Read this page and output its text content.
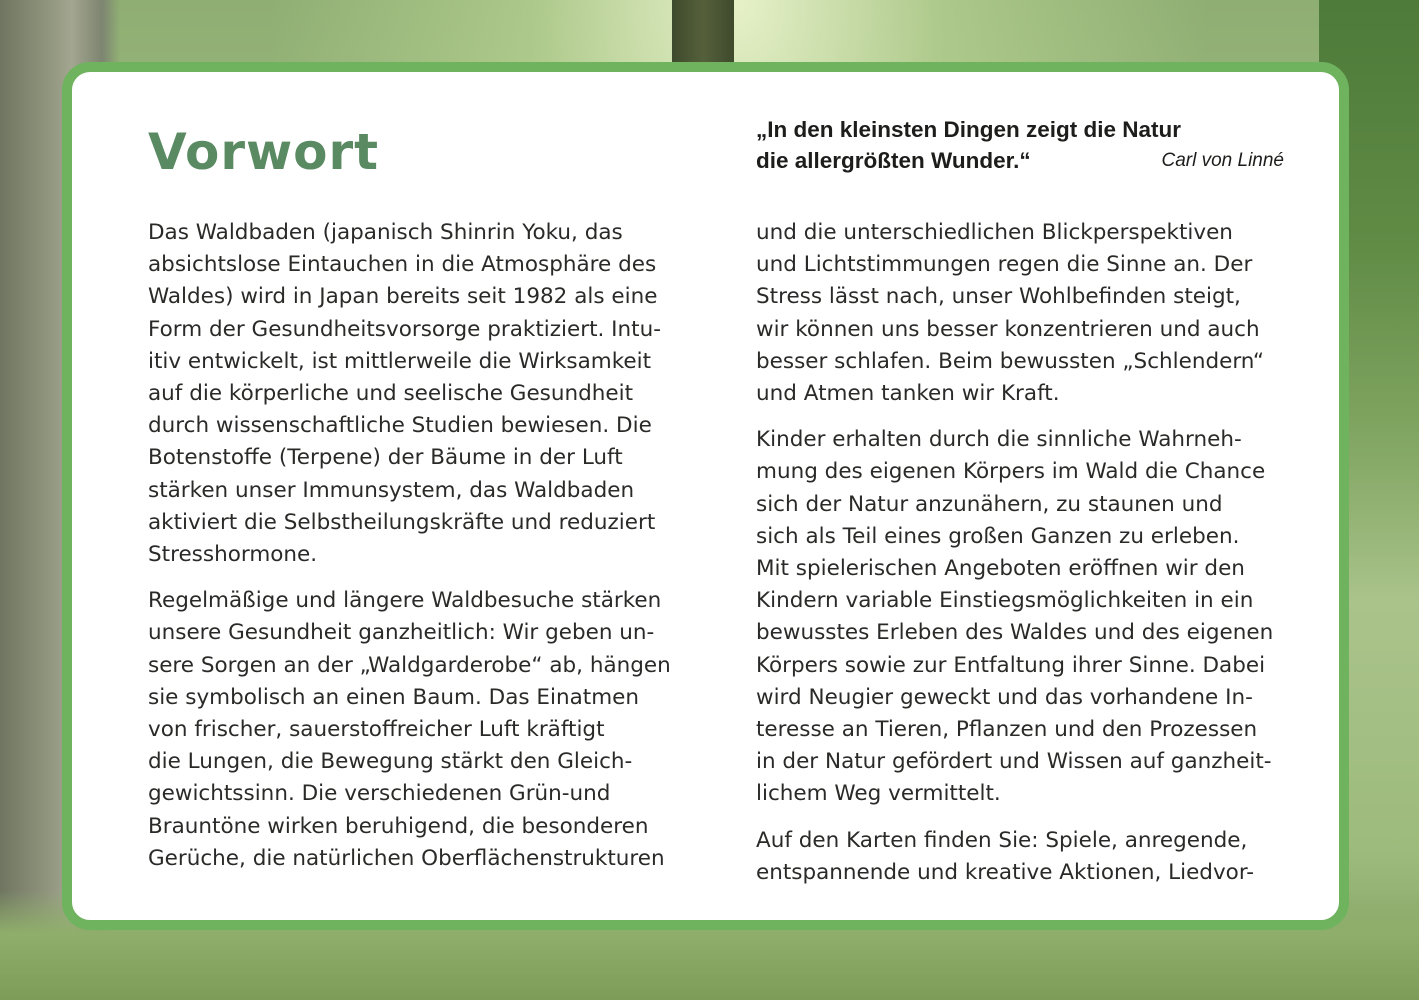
Vorwort	„In den kleinsten Dingen zeigt die Natur
die allergrößten Wunder.“	Carl von Linné

Das Waldbaden (japanisch Shinrin Yoku, das
absichtslose Eintauchen in die Atmosphäre des
Waldes) wird in Japan bereits seit 1982 als eine
Form der Gesundheitsvorsorge praktiziert. Intu-
itiv entwickelt, ist mittlerweile die Wirksamkeit
auf die körperliche und seelische Gesundheit
durch wissenschaftliche Studien bewiesen. Die
Botenstoffe (Terpene) der Bäume in der Luft
stärken unser Immunsystem, das Waldbaden
aktiviert die Selbstheilungskräfte und reduziert
Stresshormone.

Regelmäßige und längere Waldbesuche stärken
unsere Gesundheit ganzheitlich: Wir geben un-
sere Sorgen an der „Waldgarderobe“ ab, hängen
sie symbolisch an einen Baum. Das Einatmen
von frischer, sauerstoffreicher Luft kräftigt
die Lungen, die Bewegung stärkt den Gleich-
gewichtssinn. Die verschiedenen Grün-und
Brauntöne wirken beruhigend, die besonderen
Gerüche, die natürlichen Oberflächenstrukturen

und die unterschiedlichen Blickperspektiven
und Lichtstimmungen regen die Sinne an. Der
Stress lässt nach, unser Wohlbefinden steigt,
wir können uns besser konzentrieren und auch
besser schlafen. Beim bewussten „Schlendern“
und Atmen tanken wir Kraft.

Kinder erhalten durch die sinnliche Wahrneh-
mung des eigenen Körpers im Wald die Chance
sich der Natur anzunähern, zu staunen und
sich als Teil eines großen Ganzen zu erleben.
Mit spielerischen Angeboten eröffnen wir den
Kindern variable Einstiegsmöglichkeiten in ein
bewusstes Erleben des Waldes und des eigenen
Körpers sowie zur Entfaltung ihrer Sinne. Dabei
wird Neugier geweckt und das vorhandene In-
teresse an Tieren, Pflanzen und den Prozessen
in der Natur gefördert und Wissen auf ganzheit-
lichem Weg vermittelt.

Auf den Karten finden Sie: Spiele, anregende,
entspannende und kreative Aktionen, Liedvor-
